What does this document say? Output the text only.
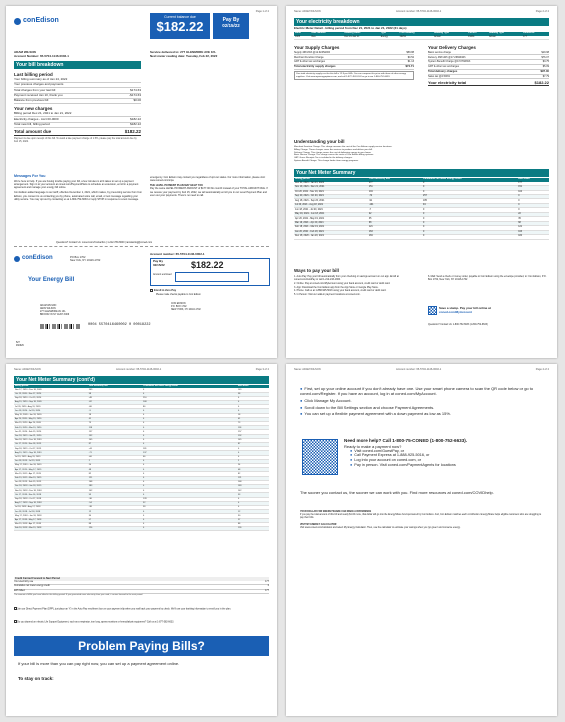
Page 1 of 4
conEdison	Current balance due
$182.22	Pay By
02/15/22
ADAM WILSON
Account Number: 65-5704-1146-0002-1
Service delivered to: 277 GLENMORE AVE 1FL
Next meter reading date: Tuesday, Feb 22, 2022
Your bill breakdown
Last billing period
Your billing summary as of Jan 24, 2022
Your previous charges and payments
Total charges from your last bill	$174.63
Payment received Jan 10, thank you	-$174.63
Balance from previous bill	$0.00
Your new charges
Billing period Dec 21, 2021 to Jan 21, 2022
Electricity charges - Acct 00-0000	$182.22
Total new bill, billing period	$182.22
Total amount due	$182.22
Payment is due upon receipt of this bill. To avoid a late payment charge of 1.5%, please pay the total amount due by Feb 15, 2022.
Messages For You

We're here to help. If you are having trouble paying your bill, a few minutes is all it takes to set up a payment arrangement. Sign in to your account at coned.com/PaymentPlans to schedule an extension, enroll in a payment agreement and manage your energy bill online.

Con Edison added language to our tariff, effective December 1, 2021, which makes, by preventing service from Con Edison, you consent to us contacting you by phone, automated voice call, email, or text message regarding your utility service. You may opt out by contacting us at 1-800-752-6633 or reply STOP in response to a text message.

emergency. Con Edison may contact you regardless of opt out status. For more information, please visit: www.coned.com/tcpa

THE LEVEL PAYMENT PLAN MAY HELP YOU

Pay the same LEVEL PAYMENT AMOUNT of $177.00 this month instead of your TOTAL AMOUNT DUE. If we receive your payment by Feb 15, 2022, we will automatically enroll you in our Level Payment Plan and even out your payments. There's no need to call.

Questions? Contact Us: coned.com/ContactUs | 1-212-780-6600 | iamstarting@coned.com
conEdison	PO Box 1702
New York, NY 10116-1702
Your Energy Bill
Account number: 65-5704-1146-0002-1
Pay By
02/15/22	$182.22
Amount enclosed
Enroll in Zero Pay
Please make checks payable to Con Edison
ADAM WILSON
JENN WILSON
277 GLENMORE AV 1FL
BROOKLYN NY 11207-3309
CON EDISON
P.O. BOX 1702
NEW YORK, NY 10116-1702
0004 5570416460002 0 00018222
527
460629
Name: ADAM WILSON	Account number: 65-5704-1146-0002-1	Page 2 of 4
Your electricity breakdown
Electric Meter Detail - billing period from Dec 21, 2021 to Jan 21, 2022 (31 days)
Meter	Rate Number	Reading Dates	Type	Prior Reading	Reading Type	Current	Reading Type	Difference
1085	Res.	Dec 21-Jan 21	Energy	19254	Actual	19431	Actual	177
Your Supply Charges
Supply 468 kWh @12.9245/kWh	$59.88
Merchant Function Charge	$0.52
GRT & other tax surcharges	$1.13
Total electricity supply charges	$74.71
Your total electricity supply cost for this bill is 12.9 per kWh. You can compare this price with those of other energy suppliers. Visit www.nyenergyoptions.com, and call 1-877-JUJUJUJ or go to our 1-800-752-6633.
Your Delivery Charges
Basic service charge	$19.98
Delivery 468 kWh @17.2684/kWh	$76.07
System Benefit Charge @0.7278/kWh	$3.75
GRT & other tax surcharges	$5.09
Total delivery charges	$97.40
Sales tax @4.500%	$7.79
Your electricity total	$182.22
Understanding your bill
Merchant Function Charge: This charge recovers the cost of the Con Edison supply service functions.
Billing Charge: These charges cover the services to produce and deliver your bill.
Delivery Charge: This charge covers the cost of delivering energy to your home.
Basic Service Charge: This charge covers the costs of Con Edison billing systems.
GRT: Gross Receipts Tax is included in the delivery charges.
System Benefit Charge: This charge funds clean energy programs.
Your Net Meter Summary
Billing period	Your electricity use	Cumulative net meter energy credit	kWh billed
Dec 21, 2021 - Jan 21, 2022	177	0	177
Nov 19, 2021 - Dec 21, 2021	151	0	151
Oct 20, 2021 - Nov 19, 2021	104	0	104
Sep 20, 2021 - Oct 20, 2021	-72	257	0
Aug 18, 2021 - Sep 20, 2021	-91	185	0
Jul 20, 2021 - Aug 18, 2021	-101	94	0
Jun 18, 2021 - Jul 20, 2021	-7	0	0
May 19, 2021 - Jun 18, 2021	22	0	22
Apr 20, 2021 - May 19, 2021	35	0	35
Mar 19, 2021 - Apr 20, 2021	68	0	68
Feb 18, 2021 - Mar 19, 2021	121	0	121
Jan 20, 2021 - Feb 18, 2021	163	0	163
Dec 18, 2020 - Jan 20, 2021	184	0	184
Ways to pay your bill
1. Auto Pay: Pay your bill automatically from your checking or savings account on our app. Enroll at coned.com/AutoPay or call 1-212-243-1900.
2. Online: Pay at coned.com/MyAccount using your bank account, credit card or debit card.
3. App: Download the Con Edison app from the App Store or Google Play Store.
4. Phone: Call us at 1-888-925-5016 using your bank account, credit card or debit card.
5. In Person: Visit our walk-in payment locations at coned.com.
6. Mail: Send a check or money order, payable to Con Edison using the envelope provided, to: Con Edison, P.O. Box 1702, New York, NY 10116-1702
Save a stamp. Pay your bill online at
coned.com/MyAccount
Questions? Contact Us: 1-800-752-6633 (1-800-752-6633)
Name: ADAM WILSON	Account number: 65-5704-1146-0002-1	Page 3 of 4
Your Net Meter Summary (cont'd)
Billing period	Your electricity use	Cumulative net meter energy credit	kWh billed
Nov 17, 2020 - Dec 18, 2020	149	0	149
Oct 19, 2020 - Nov 17, 2020	98	0	98
Sep 18, 2020 - Oct 19, 2020	-48	216	0
Aug 19, 2020 - Sep 18, 2020	-82	168	0
Jul 20, 2020 - Aug 19, 2020	-86	86	0
Jun 18, 2020 - Jul 20, 2020	-3	0	0
May 19, 2020 - Jun 18, 2020	18	0	18
Apr 20, 2020 - May 19, 2020	41	0	41
Mar 19, 2020 - Apr 20, 2020	73	0	73
Feb 19, 2020 - Mar 19, 2020	118	0	118
Jan 21, 2020 - Feb 19, 2020	157	0	157
Dec 18, 2019 - Jan 21, 2020	192	0	192
Nov 18, 2019 - Dec 18, 2019	145	0	145
Oct 17, 2019 - Nov 18, 2019	87	0	87
Sep 18, 2019 - Oct 17, 2019	-44	181	0
Aug 19, 2019 - Sep 18, 2019	-71	137	0
Jul 19, 2019 - Aug 19, 2019	-66	66	0
Jun 18, 2019 - Jul 19, 2019	2	0	2
May 17, 2019 - Jun 18, 2019	24	0	24
Apr 17, 2019 - May 17, 2019	48	0	48
Mar 19, 2019 - Apr 17, 2019	82	0	82
Feb 19, 2019 - Mar 19, 2019	121	0	121
Jan 18, 2019 - Feb 19, 2019	168	0	168
Dec 18, 2018 - Jan 18, 2019	183	0	183
Nov 16, 2018 - Dec 18, 2018	142	0	142
Oct 17, 2018 - Nov 16, 2018	93	0	93
Sep 18, 2018 - Oct 17, 2018	-36	128	0
Aug 17, 2018 - Sep 18, 2018	-54	92	0
Jul 18, 2018 - Aug 17, 2018	-38	38	0
Jun 18, 2018 - Jul 18, 2018	12	0	12
May 17, 2018 - Jun 18, 2018	30	0	30
Apr 17, 2018 - May 17, 2018	57	0	57
Mar 19, 2018 - Apr 17, 2018	88	0	88
Feb 16, 2018 - Mar 19, 2018	126	0	126
Credit Carried Forward to Next Period
Your electricity use	177
Cumulative net meter energy credit	0
kWh billed	177
The amount of kWh you have billed in this billing period. If you generated more electricity than you used, it carries forward to the next period.
Join our Direct Payment Plan (DPP), just place an 'X' in the Auto Pay enrollment box on your payment slip when you mail back your payment by check. We'll use your banking information to enroll you in the plan.
Do you depend on electric Life Support Equipment, such as a respirator, iron lung, apnea monitors or hemodialysis equipment? Call us at 1-877-582-6633.
Problem Paying Bills?
If your bill is more than you can pay right now, you can set up a payment agreement online.
To stay on track:
Name: ADAM WILSON	Account number: 65-5704-1146-0002-1	Page 4 of 4
● First, set up your online account if you don't already have one. Use your smart phone camera to scan the QR code below or go to coned.com/Register. If you have an account, log in at coned.com/MyAccount.
● Click Manage My Account.
● Scroll down to the Bill Settings section and choose Payment Agreements.
● You can set up a flexible payment agreement with a down payment as low as 15%.
Need more help? Call 1-800-75-CONED (1-800-752-6633).
Ready to make a payment now?
● Visit coned.com/GuestPay, or
● Call Payment Express at 1-888-925-5016, or
● Log into your account on coned.com, or
● Pay in person. Visit coned.com/PaymentAgents for locations
The sooner you contact us, the sooner we can work with you. Find more resources at coned.com/COVIDhelp.
YOUR DOLLAR FOR ENERGYSHARE CAN MAKE A DIFFERENCE
If you pay the total amount of this bill and nearly $1.00 more, that dollar will go into the EnergyShare fund sponsored by Con Edison. And, Con Edison matches each contribution. EnergyShare helps eligible customers who are struggling to pay their bills.
VISIT MY ENERGY CALCULATOR
Visit www.coned.com/calculator and select My Energy Calculator. Then, use the calculator to estimate your savings when you 'go green' and conserve energy.
